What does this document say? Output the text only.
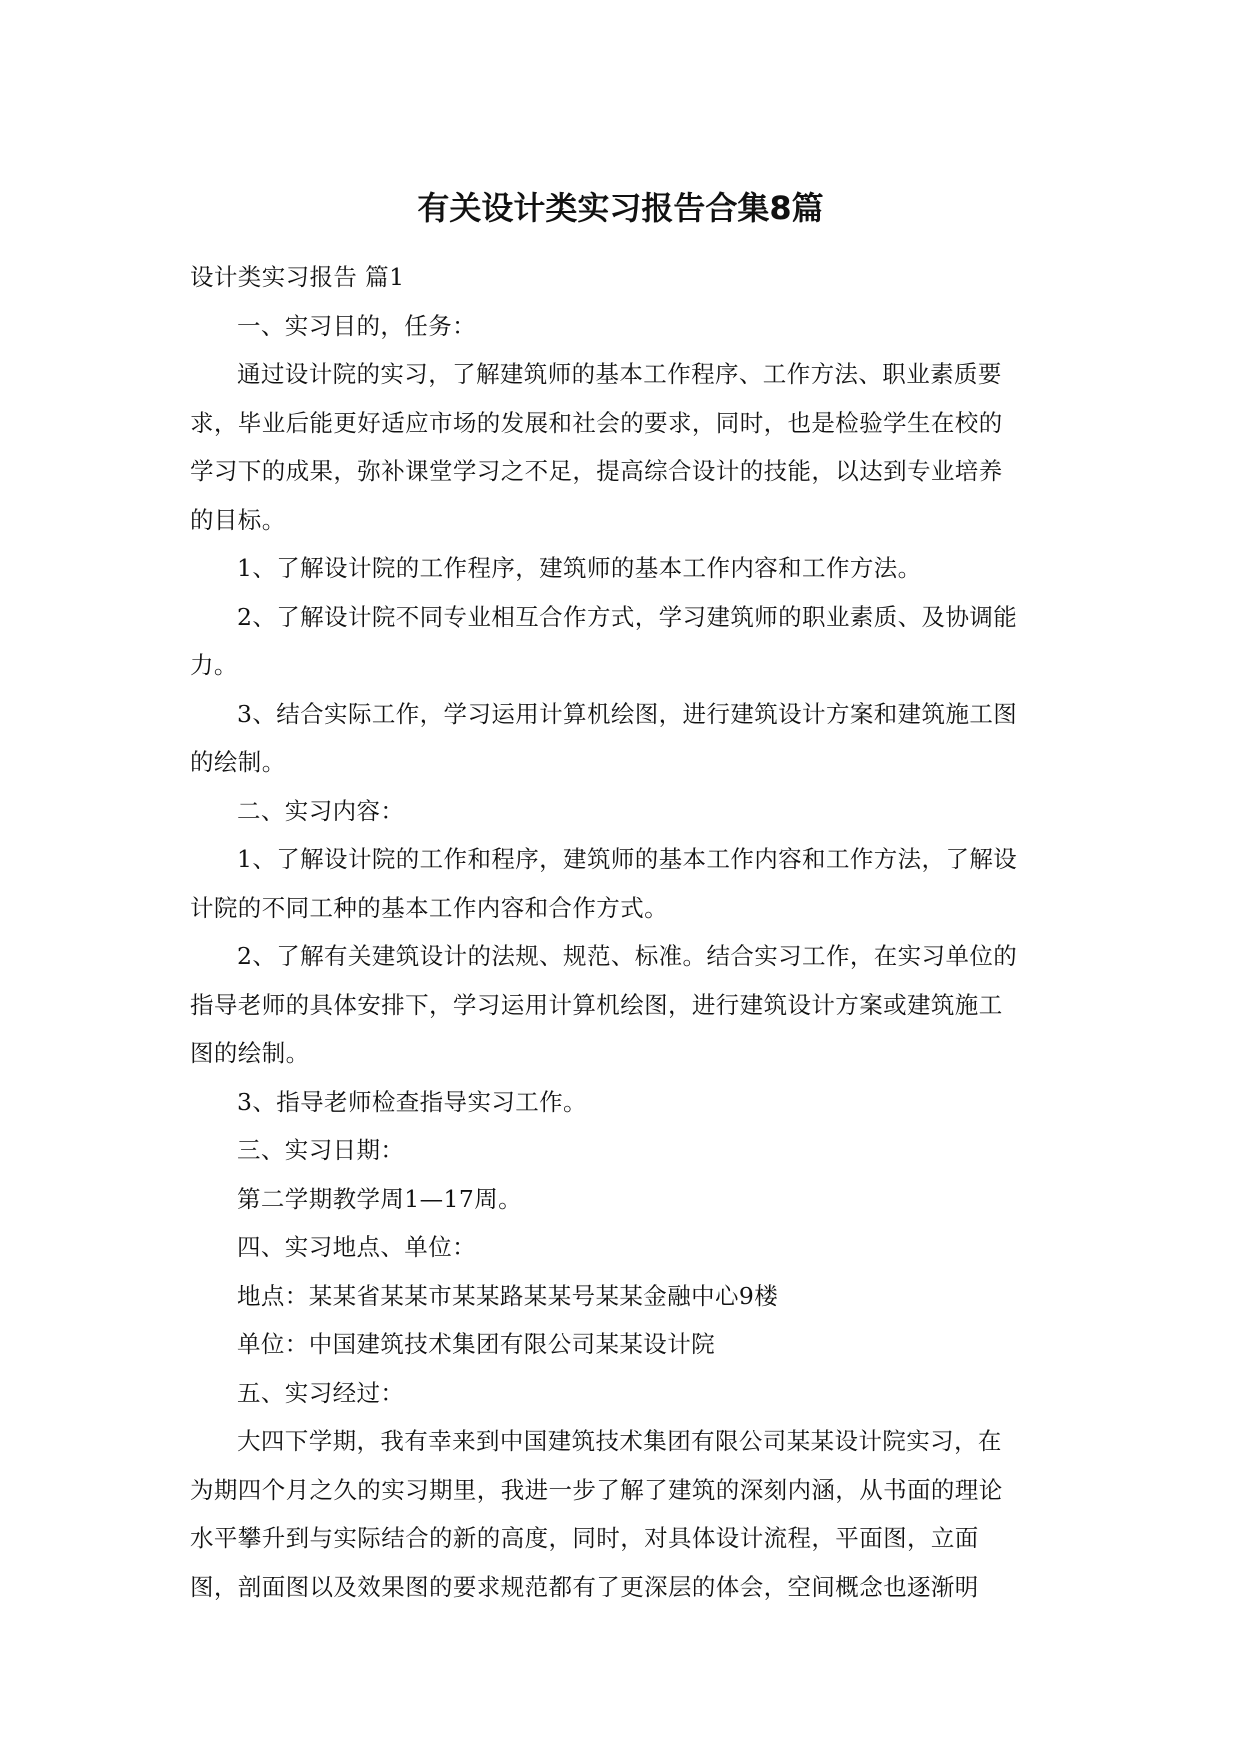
有关设计类实习报告合集8篇

设计类实习报告 篇1

一、实习目的，任务：

通过设计院的实习，了解建筑师的基本工作程序、工作方法、职业素质要
求，毕业后能更好适应市场的发展和社会的要求，同时，也是检验学生在校的
学习下的成果，弥补课堂学习之不足，提高综合设计的技能，以达到专业培养
的目标。

1、了解设计院的工作程序，建筑师的基本工作内容和工作方法。

2、了解设计院不同专业相互合作方式，学习建筑师的职业素质、及协调能
力。

3、结合实际工作，学习运用计算机绘图，进行建筑设计方案和建筑施工图
的绘制。

二、实习内容：

1、了解设计院的工作和程序，建筑师的基本工作内容和工作方法，了解设
计院的不同工种的基本工作内容和合作方式。

2、了解有关建筑设计的法规、规范、标准。结合实习工作，在实习单位的
指导老师的具体安排下，学习运用计算机绘图，进行建筑设计方案或建筑施工
图的绘制。

3、指导老师检查指导实习工作。

三、实习日期：

第二学期教学周1—17周。

四、实习地点、单位：

地点：某某省某某市某某路某某号某某金融中心9楼

单位：中国建筑技术集团有限公司某某设计院

五、实习经过：

大四下学期，我有幸来到中国建筑技术集团有限公司某某设计院实习，在
为期四个月之久的实习期里，我进一步了解了建筑的深刻内涵，从书面的理论
水平攀升到与实际结合的新的高度，同时，对具体设计流程，平面图，立面
图，剖面图以及效果图的要求规范都有了更深层的体会，空间概念也逐渐明
